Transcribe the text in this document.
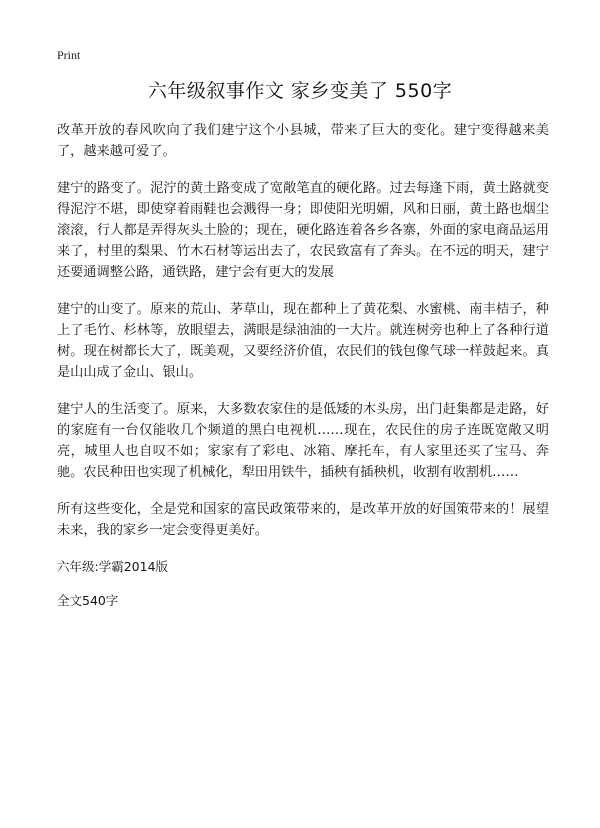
Print
六年级叙事作文 家乡变美了 550字

改革开放的春风吹向了我们建宁这个小县城，带来了巨大的变化。建宁变得越来美了，越来越可爱了。

建宁的路变了。泥泞的黄土路变成了宽敞笔直的硬化路。过去每逢下雨，黄土路就变得泥泞不堪，即使穿着雨鞋也会溅得一身；即使阳光明媚，风和日丽，黄土路也烟尘滚滚，行人都是弄得灰头土脸的；现在，硬化路连着各乡各寨，外面的家电商品运用来了，村里的梨果、竹木石材等运出去了，农民致富有了奔头。在不远的明天，建宁还要通调整公路，通铁路，建宁会有更大的发展

建宁的山变了。原来的荒山、茅草山，现在都种上了黄花梨、水蜜桃、南丰桔子，种上了毛竹、杉林等，放眼望去，满眼是绿油油的一大片。就连树旁也种上了各种行道树。现在树都长大了，既美观，又要经济价值，农民们的钱包像气球一样鼓起来。真是山山成了金山、银山。

建宁人的生活变了。原来，大多数农家住的是低矮的木头房，出门赶集都是走路，好的家庭有一台仅能收几个频道的黑白电视机……现在，农民住的房子连既宽敞又明亮，城里人也自叹不如；家家有了彩电、冰箱、摩托车，有人家里还买了宝马、奔驰。农民种田也实现了机械化，犁田用铁牛，插秧有插秧机，收割有收割机……

所有这些变化，全是党和国家的富民政策带来的，是改革开放的好国策带来的！展望未来，我的家乡一定会变得更美好。

六年级:学霸2014版

全文540字
